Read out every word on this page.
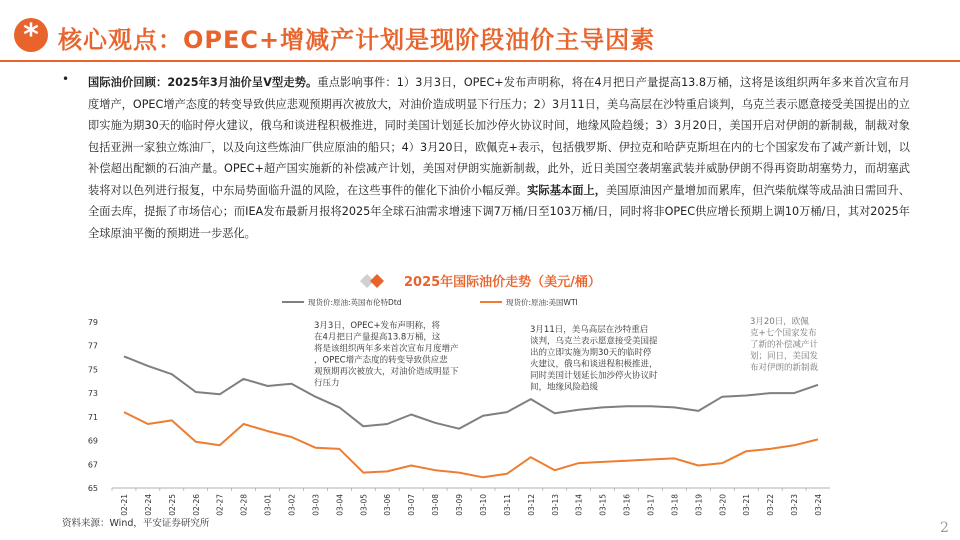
* 核心观点：OPEC+增减产计划是现阶段油价主导因素
• 国际油价回顾：2025年3月油价呈V型走势。重点影响事件：1）3月3日，OPEC+发布声明称，将在4月把日产量提高13.8万桶，这将是该组织两年多来首次宣布月度增产，OPEC增产态度的转变导致供应悲观预期再次被放大，对油价造成明显下行压力；2）3月11日，美乌高层在沙特重启谈判，乌克兰表示愿意接受美国提出的立即实施为期30天的临时停火建议，俄乌和谈进程积极推进，同时美国计划延长加沙停火协议时间，地缘风险趋缓；3）3月20日，美国开启对伊朗的新制裁，制裁对象包括亚洲一家独立炼油厂，以及向这些炼油厂供应原油的船只；4）3月20日，欧佩克+表示，包括俄罗斯、伊拉克和哈萨克斯坦在内的七个国家发布了减产新计划，以补偿超出配额的石油产量。OPEC+超产国实施新的补偿减产计划，美国对伊朗实施新制裁，此外，近日美国空袭胡塞武装并威胁伊朗不得再资助胡塞势力，而胡塞武装将对以色列进行报复，中东局势面临升温的风险，在这些事件的催化下油价小幅反弹。实际基本面上，美国原油因产量增加而累库，但汽柴航煤等成品油日需回升、全面去库，提振了市场信心；而IEA发布最新月报将2025年全球石油需求增速下调7万桶/日至103万桶/日，同时将非OPEC供应增长预期上调10万桶/日，其对2025年全球原油平衡的预期进一步恶化。
2025年国际油价走势（美元/桶）
现货价:原油:英国布伦特Dtd	现货价:原油:美国WTI
65
67
69
71
73
75
77
79
02-21 02-24 02-25 02-26 02-27 02-28 03-01 03-02 03-03 03-04 03-05 03-06 03-07 03-08 03-09 03-10 03-11 03-12 03-13 03-14 03-15 03-16 03-17 03-18 03-19 03-20 03-21 03-22 03-23 03-24
3月3日，OPEC+发布声明称，将在4月把日产量提高13.8万桶，这将是该组织两年多来首次宣布月度增产，OPEC增产态度的转变导致供应悲观预期再次被放大，对油价造成明显下行压力
3月11日，美乌高层在沙特重启谈判，乌克兰表示愿意接受美国提出的立即实施为期30天的临时停火建议，俄乌和谈进程积极推进，同时美国计划延长加沙停火协议时间，地缘风险趋缓
3月20日，欧佩克+七个国家发布了新的补偿减产计划；同日，美国发布对伊朗的新制裁
资料来源：Wind，平安证券研究所	2
